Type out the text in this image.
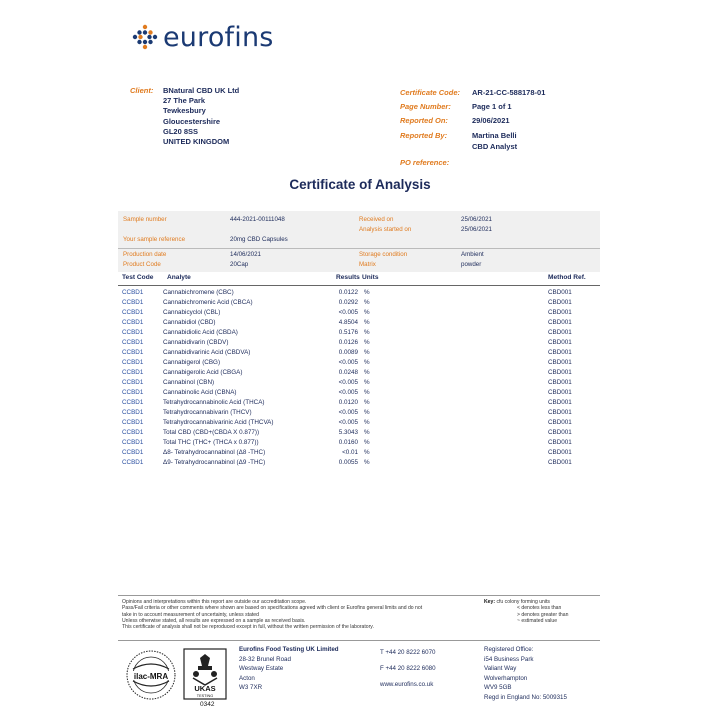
eurofins
Client: BNatural CBD UK Ltd
27 The Park
Tewkesbury
Gloucestershire
GL20 8SS
UNITED KINGDOM
Certificate Code:	AR-21-CC-588178-01
Page Number:	Page 1 of 1
Reported On:	29/06/2021
Reported By:	Martina Belli
CBD Analyst
PO reference:
Certificate of Analysis
Sample number	444-2021-00111048	Received on	25/06/2021
Analysis started on	25/06/2021
Your sample reference	20mg CBD Capsules
Production date	14/06/2021	Storage condition	Ambient
Product Code	20Cap	Matrix	powder
Test Code Analyte	Results Units	Method Ref.
CCBD1	Cannabichromene (CBC)	0.0122 %	CBD001
CCBD1	Cannabichromenic Acid (CBCA)	0.0292 %	CBD001
CCBD1	Cannabicyclol (CBL)	<0.005 %	CBD001
CCBD1	Cannabidiol (CBD)	4.8504 %	CBD001
CCBD1	Cannabidiolic Acid (CBDA)	0.5176 %	CBD001
CCBD1	Cannabidivarin (CBDV)	0.0126 %	CBD001
CCBD1	Cannabidivarinic Acid (CBDVA)	0.0089 %	CBD001
CCBD1	Cannabigerol (CBG)	<0.005 %	CBD001
CCBD1	Cannabigerolic Acid (CBGA)	0.0248 %	CBD001
CCBD1	Cannabinol (CBN)	<0.005 %	CBD001
CCBD1	Cannabinolic Acid (CBNA)	<0.005 %	CBD001
CCBD1	Tetrahydrocannabinolic Acid (THCA)	0.0120 %	CBD001
CCBD1	Tetrahydrocannabivarin (THCV)	<0.005 %	CBD001
CCBD1	Tetrahydrocannabivarinic Acid (THCVA)	<0.005 %	CBD001
CCBD1	Total CBD (CBD+(CBDA X 0.877))	5.3043 %	CBD001
CCBD1	Total THC (THC+ (THCA x 0.877))	0.0160 %	CBD001
CCBD1	Δ8- Tetrahydrocannabinol (Δ8 -THC)	<0.01 %	CBD001
CCBD1	Δ9- Tetrahydrocannabinol (Δ9 -THC)	0.0055 %	CBD001
Opinions and interpretations within this report are outside our accreditation scope.
Pass/Fail criteria or other comments where shown are based on specifications agreed with client or Eurofins general limits and do not
take in to account measurement of uncertainty, unless stated
Unless otherwise stated, all results are expressed on a sample as received basis.
This certificate of analysis shall not be reproduced except in full, without the written permission of the laboratory.
Key: cfu colony forming units
< denotes less than
> denotes greater than
~ estimated value
ilac-MRA
UKAS
TESTING
0342
Eurofins Food Testing UK Limited
28-32 Brunel Road
Westway Estate
Acton
W3 7XR
T +44 20 8222 6070
F +44 20 8222 6080
www.eurofins.co.uk
Registered Office:
i54 Business Park
Valiant Way
Wolverhampton
WV9 5GB
Regd in England No: 5009315
